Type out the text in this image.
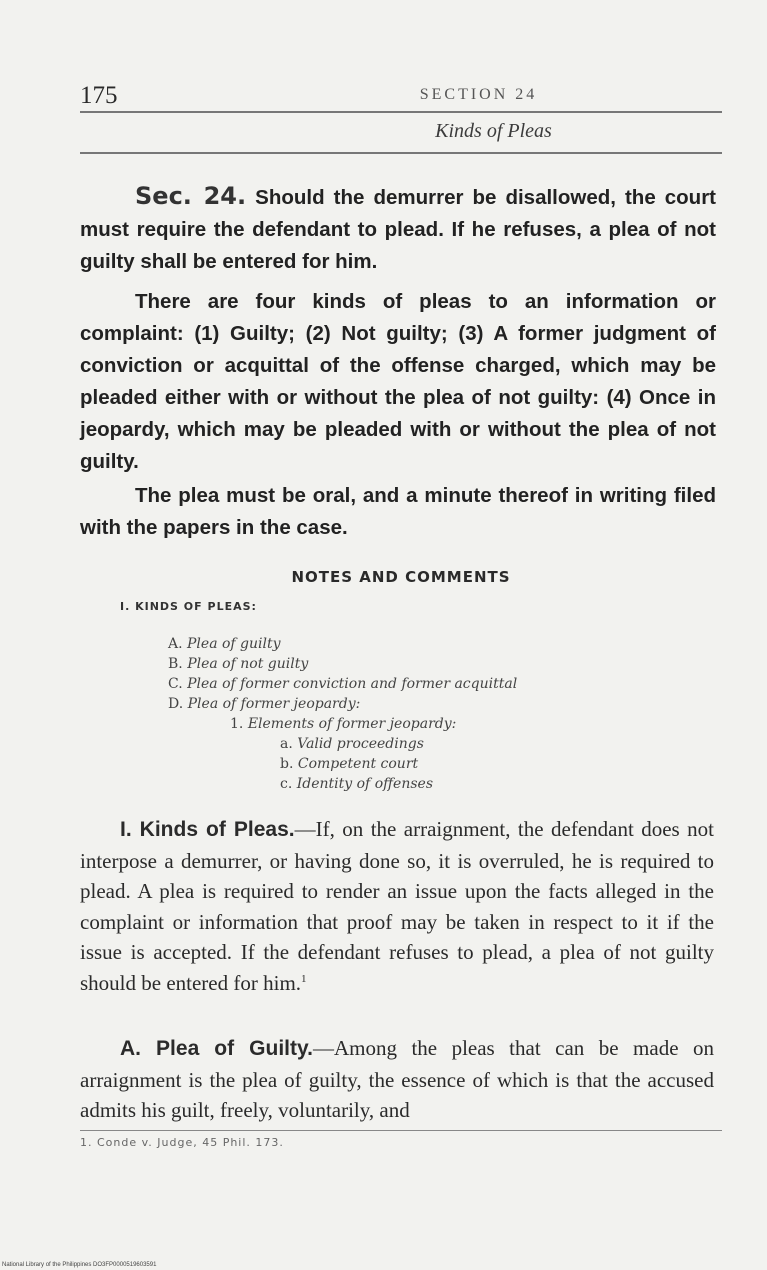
175	SECTION 24
Kinds of Pleas

Sec. 24. Should the demurrer be disallowed, the court must require the defendant to plead. If he refuses, a plea of not guilty shall be entered for him.

There are four kinds of pleas to an information or complaint: (1) Guilty; (2) Not guilty; (3) A former judgment of conviction or acquittal of the offense charged, which may be pleaded either with or without the plea of not guilty: (4) Once in jeopardy, which may be pleaded with or without the plea of not guilty.

The plea must be oral, and a minute thereof in writing filed with the papers in the case.

NOTES AND COMMENTS
I. KINDS OF PLEAS:
A. Plea of guilty
B. Plea of not guilty
C. Plea of former conviction and former acquittal
D. Plea of former jeopardy:
1. Elements of former jeopardy:
a. Valid proceedings
b. Competent court
c. Identity of offenses

I. Kinds of Pleas.—If, on the arraignment, the defendant does not interpose a demurrer, or having done so, it is overruled, he is required to plead. A plea is required to render an issue upon the facts alleged in the complaint or information that proof may be taken in respect to it if the issue is accepted. If the defendant refuses to plead, a plea of not guilty should be entered for him.$^1$

A. Plea of Guilty.—Among the pleas that can be made on arraignment is the plea of guilty, the essence of which is that the accused admits his guilt, freely, voluntarily, and

1. Conde v. Judge, 45 Phil. 173.
National Library of the Philippines DO3FP0000519603591
